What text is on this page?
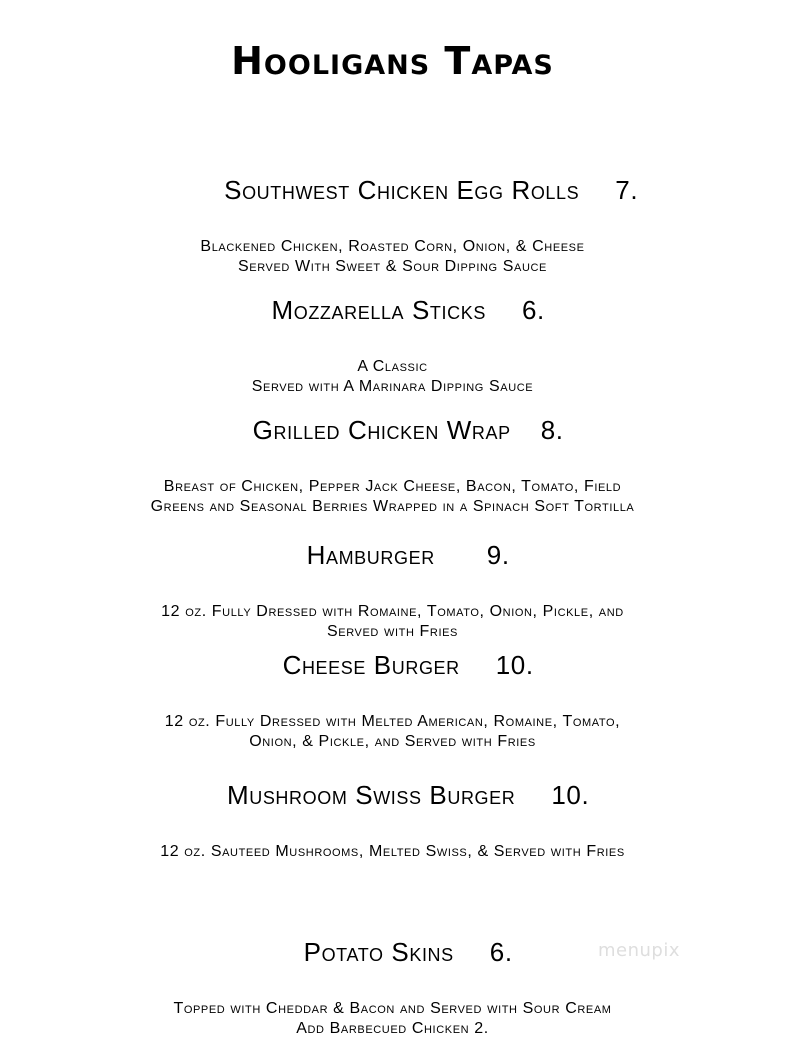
Hooligans Tapas

Southwest Chicken Egg Rolls 7.

Blackened Chicken, Roasted Corn, Onion, & Cheese
Served With Sweet & Sour Dipping Sauce

Mozzarella Sticks 6.

A Classic
Served with A Marinara Dipping Sauce

Grilled Chicken Wrap 8.

Breast of Chicken, Pepper Jack Cheese, Bacon, Tomato, Field
Greens and Seasonal Berries Wrapped in a Spinach Soft Tortilla

Hamburger 9.

12 oz. Fully Dressed with Romaine, Tomato, Onion, Pickle, and
Served with Fries

Cheese Burger 10.

12 oz. Fully Dressed with Melted American, Romaine, Tomato,
Onion, & Pickle, and Served with Fries

Mushroom Swiss Burger 10.

12 oz. Sauteed Mushrooms, Melted Swiss, & Served with Fries

Potato Skins 6.

Topped with Cheddar & Bacon and Served with Sour Cream
Add Barbecued Chicken 2.
menupix
